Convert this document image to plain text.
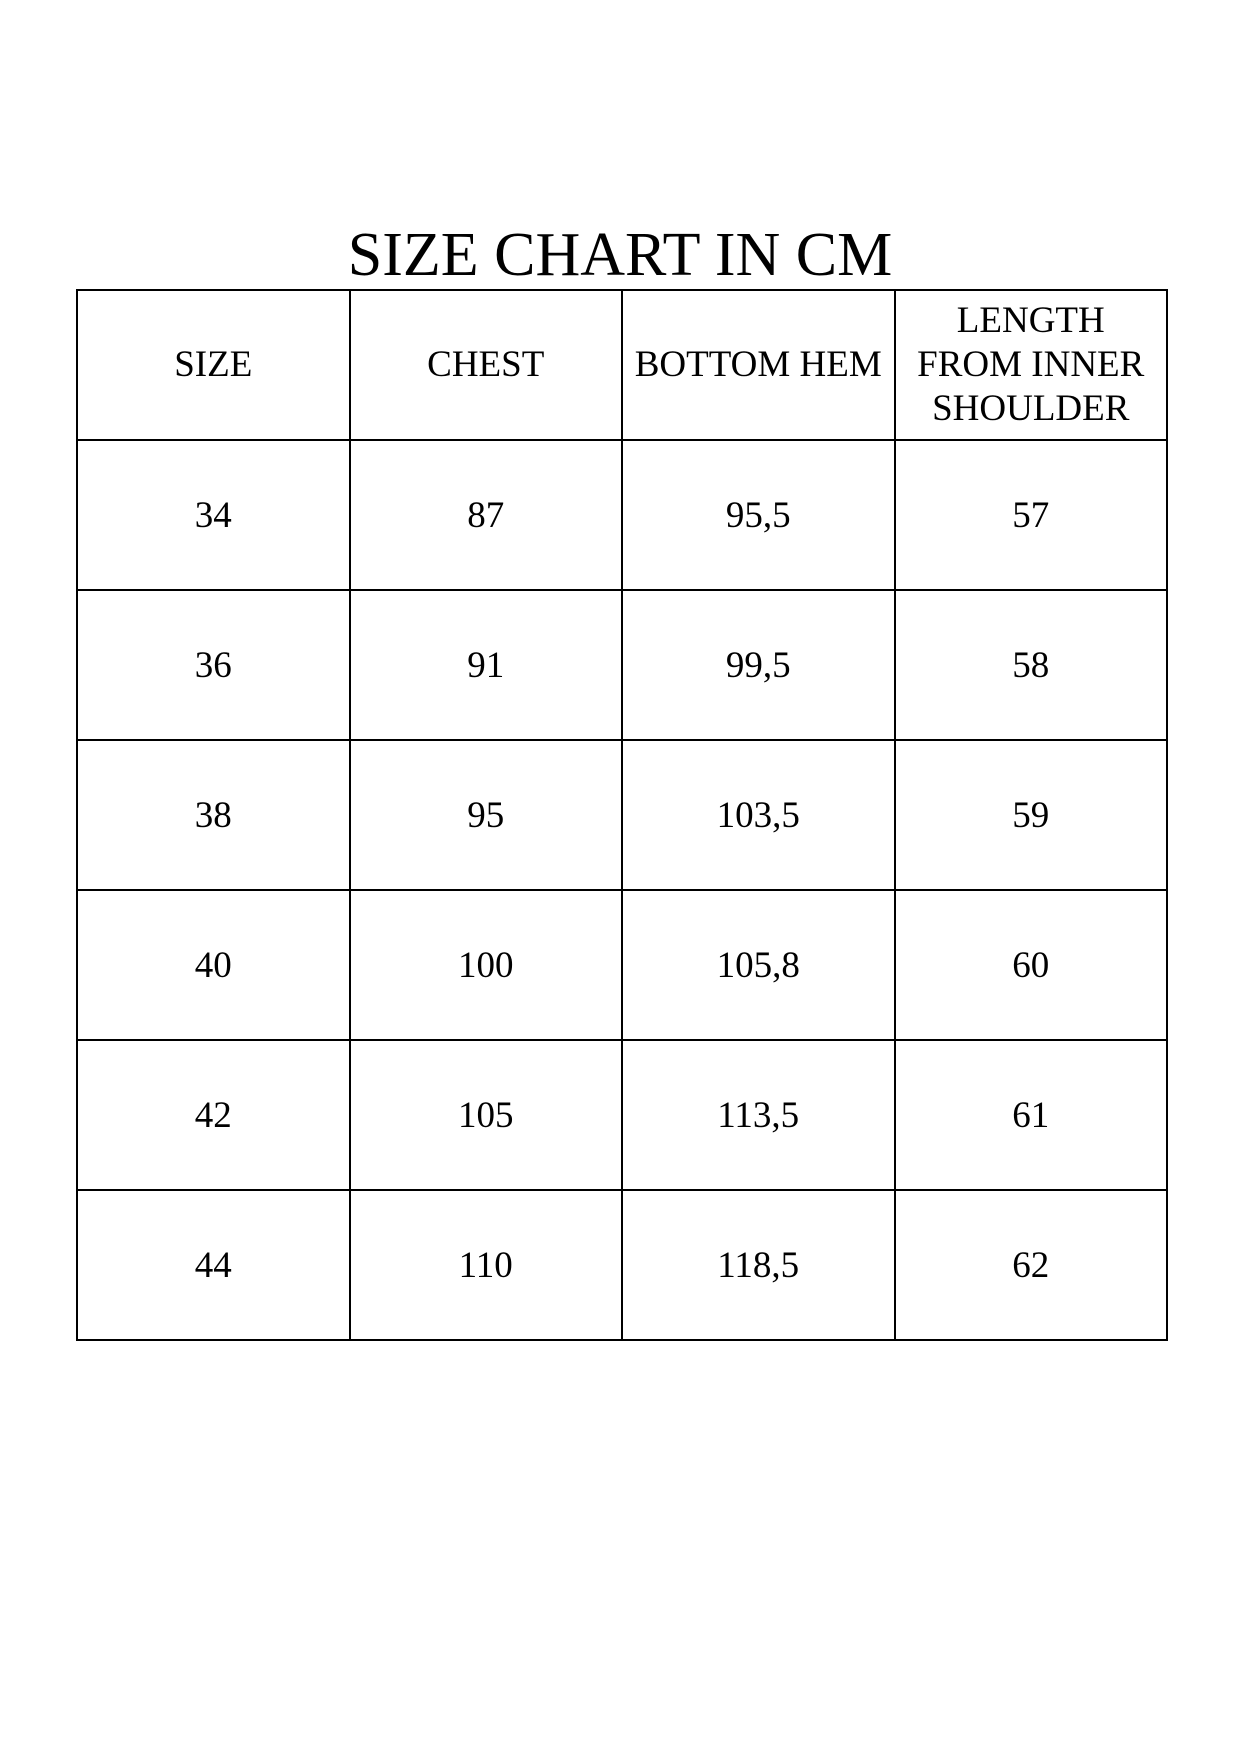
SIZE CHART IN CM
SIZE	CHEST	BOTTOM HEM	LENGTH FROM INNER SHOULDER
34	87	95,5	57
36	91	99,5	58
38	95	103,5	59
40	100	105,8	60
42	105	113,5	61
44	110	118,5	62
